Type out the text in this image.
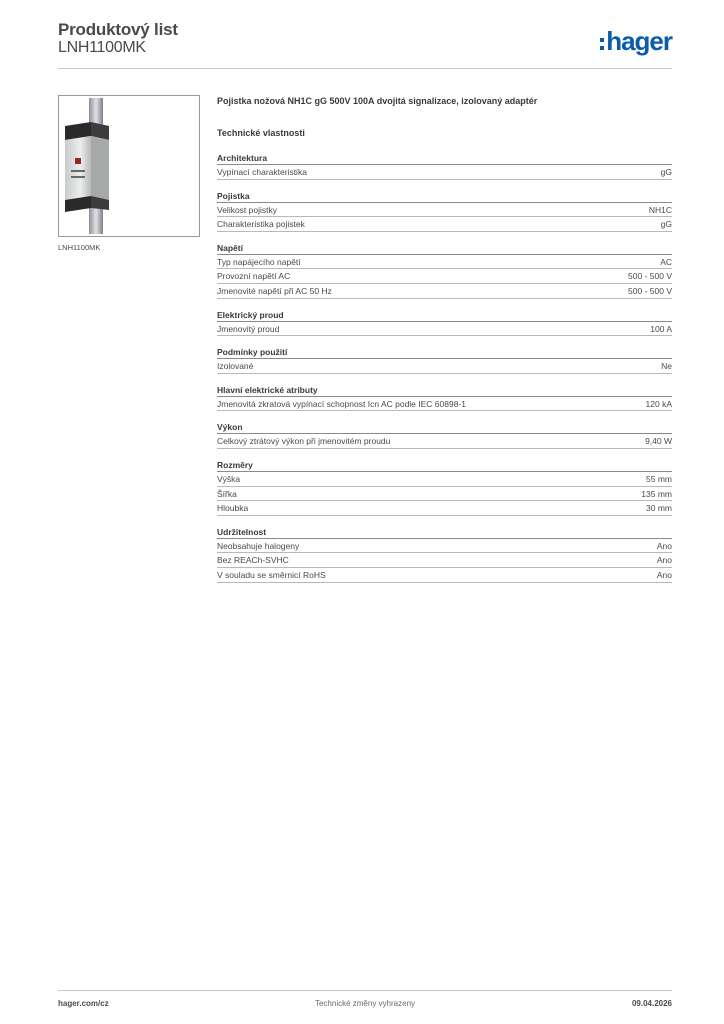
Produktový list
LNH1100MK	hager
LNH1100MK
Pojistka nožová NH1C gG 500V 100A dvojitá signalizace, izolovaný adaptér
Technické vlastnosti
Architektura
Vypínací charakteristika	gG
Pojistka
Velikost pojistky	NH1C
Charakteristika pojistek	gG
Napětí
Typ napájecího napětí	AC
Provozní napětí AC	500 - 500 V
Jmenovité napětí při AC 50 Hz	500 - 500 V
Elektrický proud
Jmenovitý proud	100 A
Podmínky použití
Izolované	Ne
Hlavní elektrické atributy
Jmenovitá zkratová vypínací schopnost Icn AC podle IEC 60898-1	120 kA
Výkon
Celkový ztrátový výkon při jmenovitém proudu	9,40 W
Rozměry
Výška	55 mm
Šířka	135 mm
Hloubka	30 mm
Udržitelnost
Neobsahuje halogeny	Ano
Bez REACh-SVHC	Ano
V souladu se směrnicí RoHS	Ano
hager.com/cz	Technické změny vyhrazeny	09.04.2026
